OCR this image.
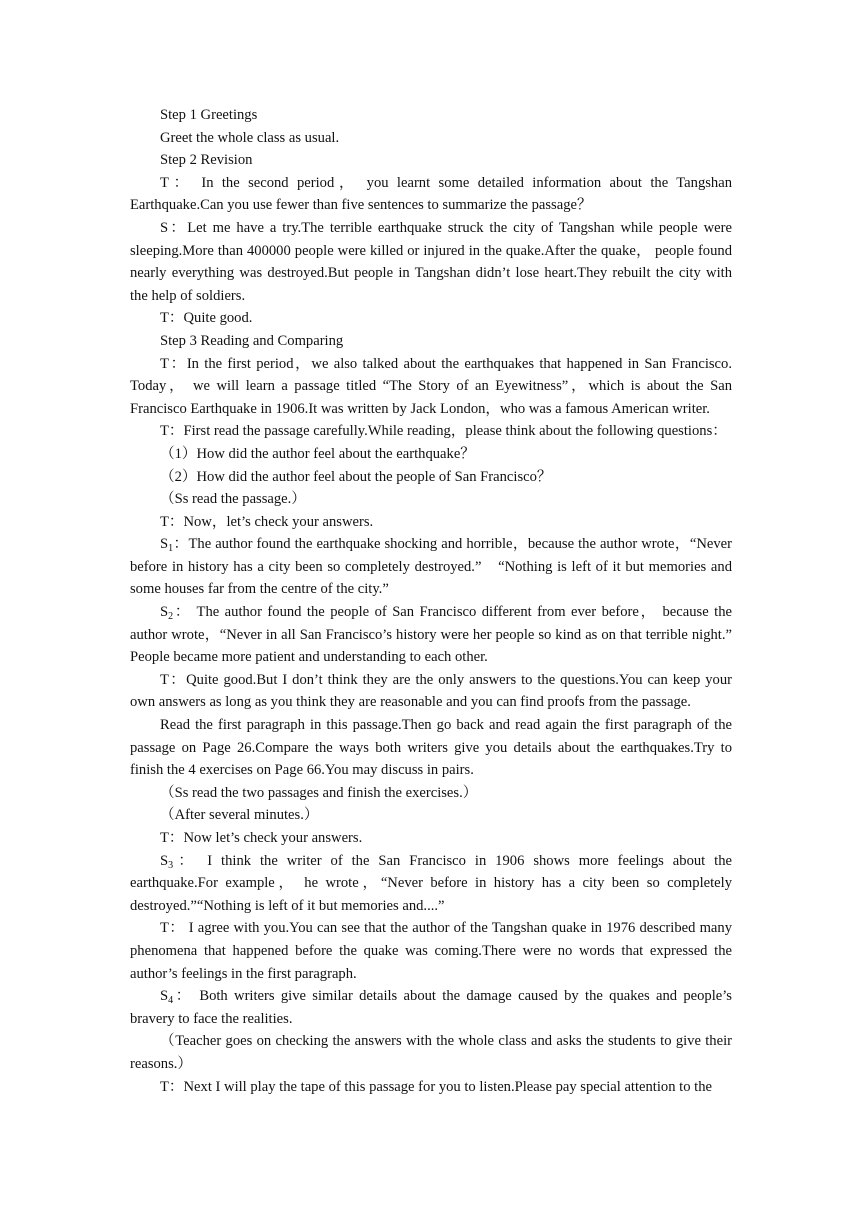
Step 1 Greetings

Greet the whole class as usual.

Step 2 Revision

T： In the second period， you learnt some detailed information about the Tangshan Earthquake.Can you use fewer than five sentences to summarize the passage？

S：Let me have a try.The terrible earthquake struck the city of Tangshan while people were sleeping.More than 400000 people were killed or injured in the quake.After the quake， people found nearly everything was destroyed.But people in Tangshan didn’t lose heart.They rebuilt the city with the help of soldiers.

T：Quite good.

Step 3 Reading and Comparing

T：In the first period，we also talked about the earthquakes that happened in San Francisco. Today， we will learn a passage titled “The Story of an Eyewitness”，which is about the San Francisco Earthquake in 1906.It was written by Jack London，who was a famous American writer.

T：First read the passage carefully.While reading，please think about the following questions：

（1）How did the author feel about the earthquake？

（2）How did the author feel about the people of San Francisco？

（Ss read the passage.）

T：Now，let’s check your answers.

$S_1$：The author found the earthquake shocking and horrible，because the author wrote，“Never before in history has a city been so completely destroyed.”　“Nothing is left of it but memories and some houses far from the centre of the city.”

$S_2$： The author found the people of San Francisco different from ever before， because the author wrote，“Never in all San Francisco’s history were her people so kind as on that terrible night.”　People became more patient and understanding to each other.

T：Quite good.But I don’t think they are the only answers to the questions.You can keep your own answers as long as you think they are reasonable and you can find proofs from the passage.

Read the first paragraph in this passage.Then go back and read again the first paragraph of the passage on Page 26.Compare the ways both writers give you details about the earthquakes.Try to finish the 4 exercises on Page 66.You may discuss in pairs.

（Ss read the two passages and finish the exercises.）

（After several minutes.）

T：Now let’s check your answers.

$S_3$： I think the writer of the San Francisco in 1906 shows more feelings about the earthquake.For example， he wrote，“Never before in history has a city been so completely destroyed.”“Nothing is left of it but memories and....”

T： I agree with you.You can see that the author of the Tangshan quake in 1976 described many phenomena that happened before the quake was coming.There were no words that expressed the author’s feelings in the first paragraph.

$S_4$： Both writers give similar details about the damage caused by the quakes and people’s bravery to face the realities.

（Teacher goes on checking the answers with the whole class and asks the students to give their reasons.）

T：Next I will play the tape of this passage for you to listen.Please pay special attention to the
